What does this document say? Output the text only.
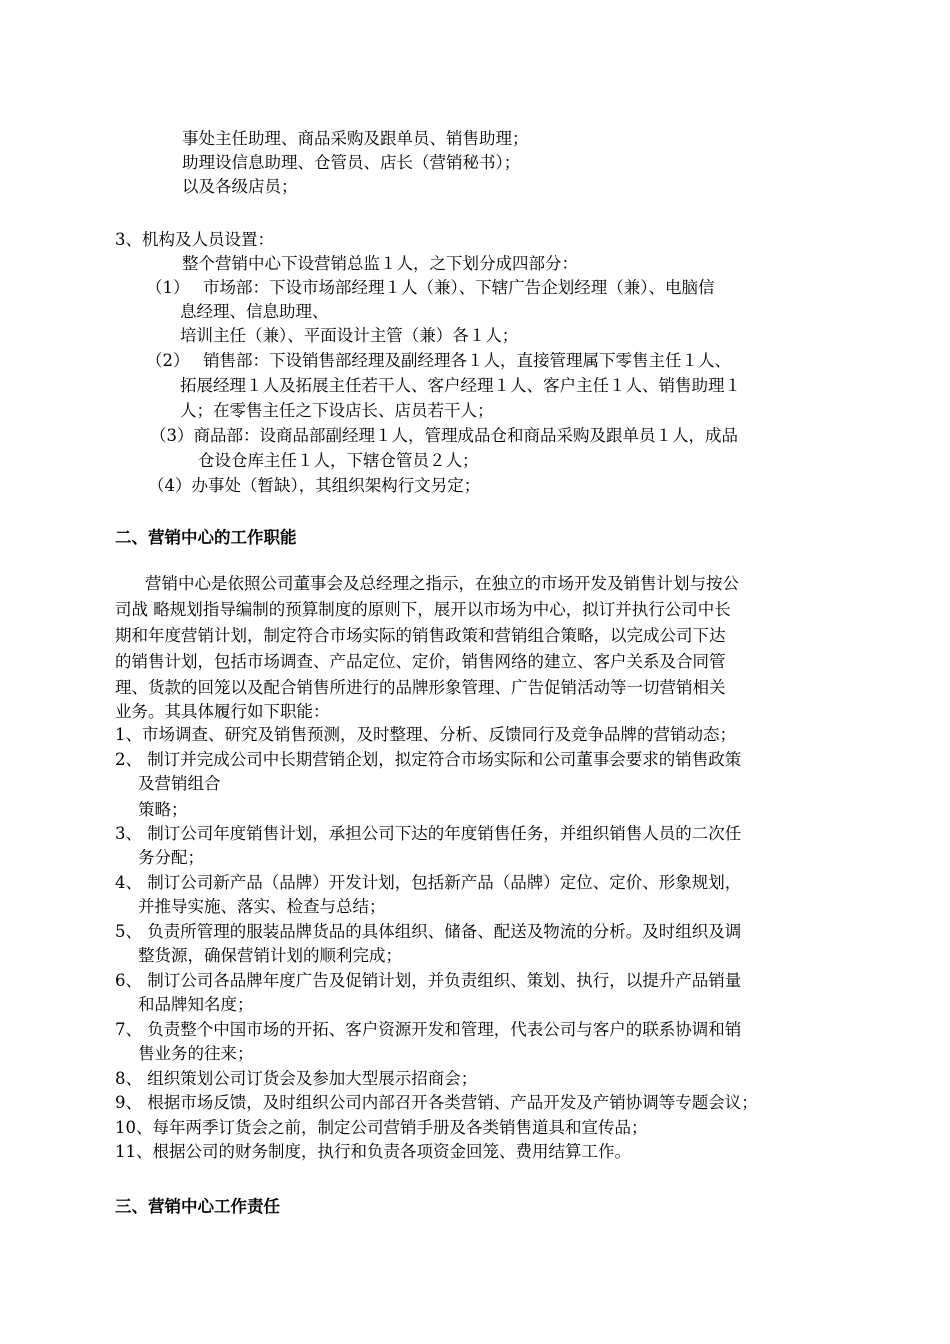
事处主任助理、商品采购及跟单员、销售助理；
助理设信息助理、仓管员、店长（营销秘书）；
以及各级店员；
3、机构及人员设置：
整个营销中心下设营销总监１人，之下划分成四部分：
（1）　 市场部：下设市场部经理１人（兼）、下辖广告企划经理（兼）、电脑信
息经理、信息助理、
培训主任（兼）、平面设计主管（兼）各１人；
（2）　 销售部：下设销售部经理及副经理各１人，直接管理属下零售主任１人、
拓展经理１人及拓展主任若干人、客户经理１人、客户主任１人、销售助理１
人；在零售主任之下设店长、店员若干人；
（3）商品部：设商品部副经理１人，管理成品仓和商品采购及跟单员１人，成品
仓设仓库主任１人，下辖仓管员２人；
（4）办事处（暂缺），其组织架构行文另定；
二、营销中心的工作职能
营销中心是依照公司董事会及总经理之指示，在独立的市场开发及销售计划与按公
司战 略规划指导编制的预算制度的原则下，展开以市场为中心，拟订并执行公司中长
期和年度营销计划，制定符合市场实际的销售政策和营销组合策略，以完成公司下达
的销售计划，包括市场调查、产品定位、定价，销售网络的建立、客户关系及合同管
理、货款的回笼以及配合销售所进行的品牌形象管理、广告促销活动等一切营销相关
业务。其具体履行如下职能：
1、市场调查、研究及销售预测，及时整理、分析、反馈同行及竞争品牌的营销动态；
2、 制订并完成公司中长期营销企划，拟定符合市场实际和公司董事会要求的销售政策
及营销组合
策略；
3、 制订公司年度销售计划，承担公司下达的年度销售任务，并组织销售人员的二次任
务分配；
4、 制订公司新产品（品牌）开发计划，包括新产品（品牌）定位、定价、形象规划，
并推导实施、落实、检查与总结；
5、 负责所管理的服装品牌货品的具体组织、储备、配送及物流的分析。及时组织及调
整货源，确保营销计划的顺利完成；
6、 制订公司各品牌年度广告及促销计划，并负责组织、策划、执行，以提升产品销量
和品牌知名度；
7、 负责整个中国市场的开拓、客户资源开发和管理，代表公司与客户的联系协调和销
售业务的往来；
8、 组织策划公司订货会及参加大型展示招商会；
9、 根据市场反馈，及时组织公司内部召开各类营销、产品开发及产销协调等专题会议；
10、每年两季订货会之前，制定公司营销手册及各类销售道具和宣传品；
11、根据公司的财务制度，执行和负责各项资金回笼、费用结算工作。
三、营销中心工作责任
